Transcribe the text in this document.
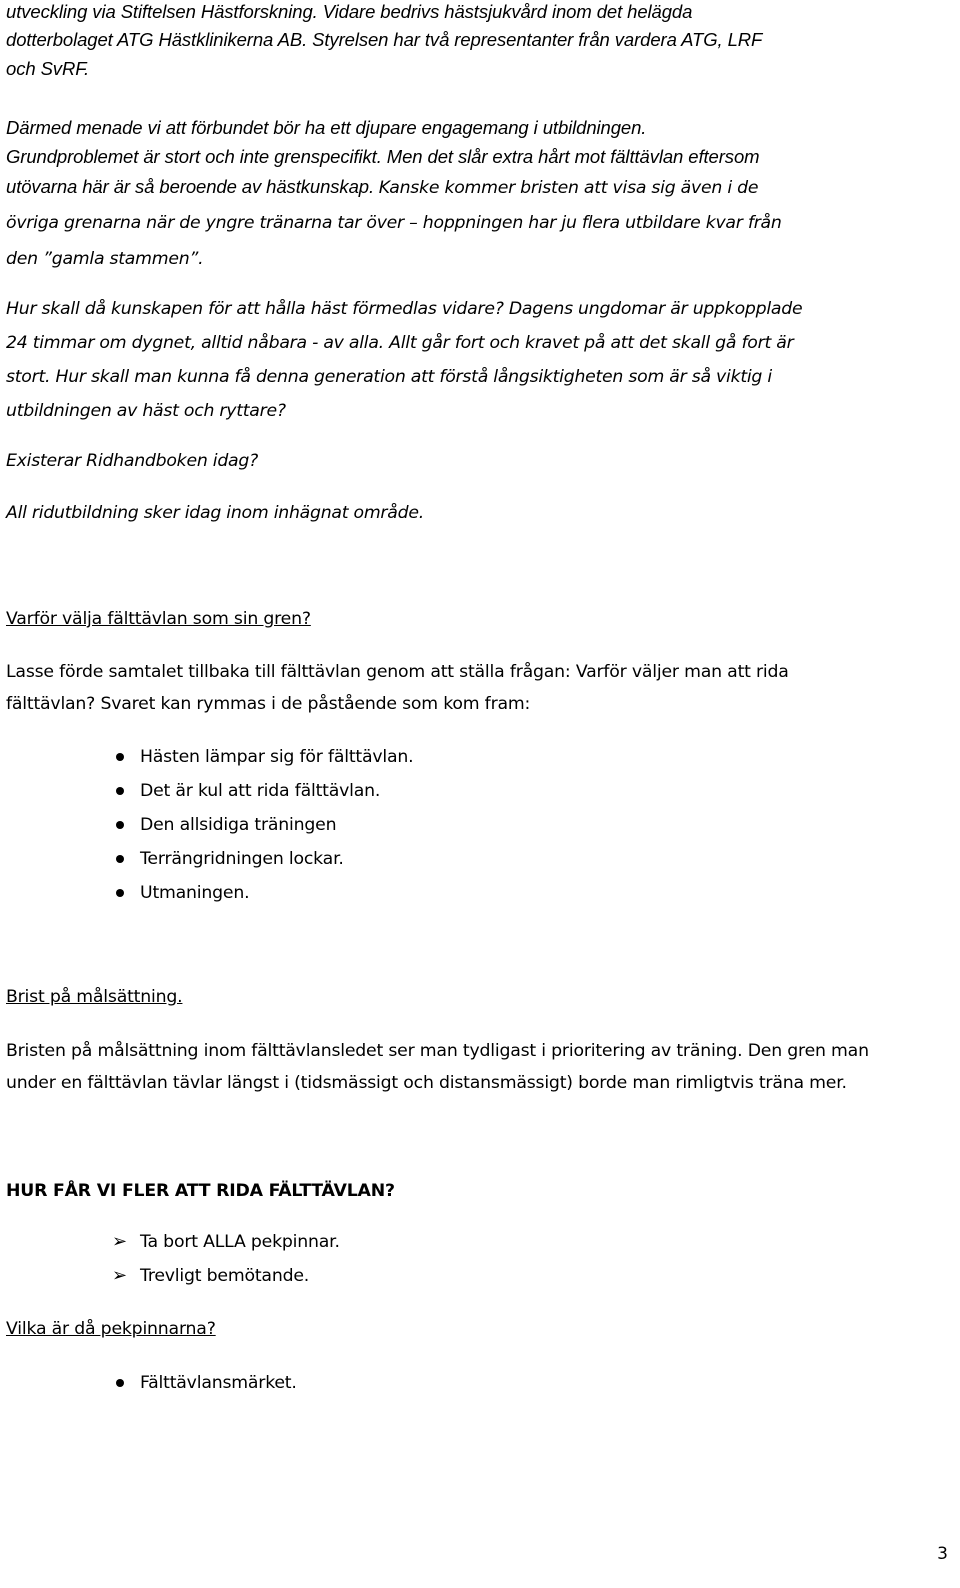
utveckling via Stiftelsen Hästforskning. Vidare bedrivs hästsjukvård inom det helägda
dotterbolaget ATG Hästklinikerna AB. Styrelsen har två representanter från vardera ATG, LRF
och SvRF.
Därmed menade vi att förbundet bör ha ett djupare engagemang i utbildningen.
Grundproblemet är stort och inte grenspecifikt. Men det slår extra hårt mot fälttävlan eftersom
utövarna här är så beroende av hästkunskap. Kanske kommer bristen att visa sig även i de
övriga grenarna när de yngre tränarna tar över – hoppningen har ju flera utbildare kvar från
den ”gamla stammen”.
Hur skall då kunskapen för att hålla häst förmedlas vidare? Dagens ungdomar är uppkopplade
24 timmar om dygnet, alltid nåbara - av alla. Allt går fort och kravet på att det skall gå fort är
stort. Hur skall man kunna få denna generation att förstå långsiktigheten som är så viktig i
utbildningen av häst och ryttare?
Existerar Ridhandboken idag?
All ridutbildning sker idag inom inhägnat område.
Varför välja fälttävlan som sin gren?
Lasse förde samtalet tillbaka till fälttävlan genom att ställa frågan: Varför väljer man att rida
fälttävlan? Svaret kan rymmas i de påstående som kom fram:
Hästen lämpar sig för fälttävlan.
Det är kul att rida fälttävlan.
Den allsidiga träningen
Terrängridningen lockar.
Utmaningen.
Brist på målsättning.
Bristen på målsättning inom fälttävlansledet ser man tydligast i prioritering av träning. Den gren man
under en fälttävlan tävlar längst i (tidsmässigt och distansmässigt) borde man rimligtvis träna mer.
HUR FÅR VI FLER ATT RIDA FÄLTTÄVLAN?
➢ Ta bort ALLA pekpinnar.
➢ Trevligt bemötande.
Vilka är då pekpinnarna?
Fälttävlansmärket.
3
